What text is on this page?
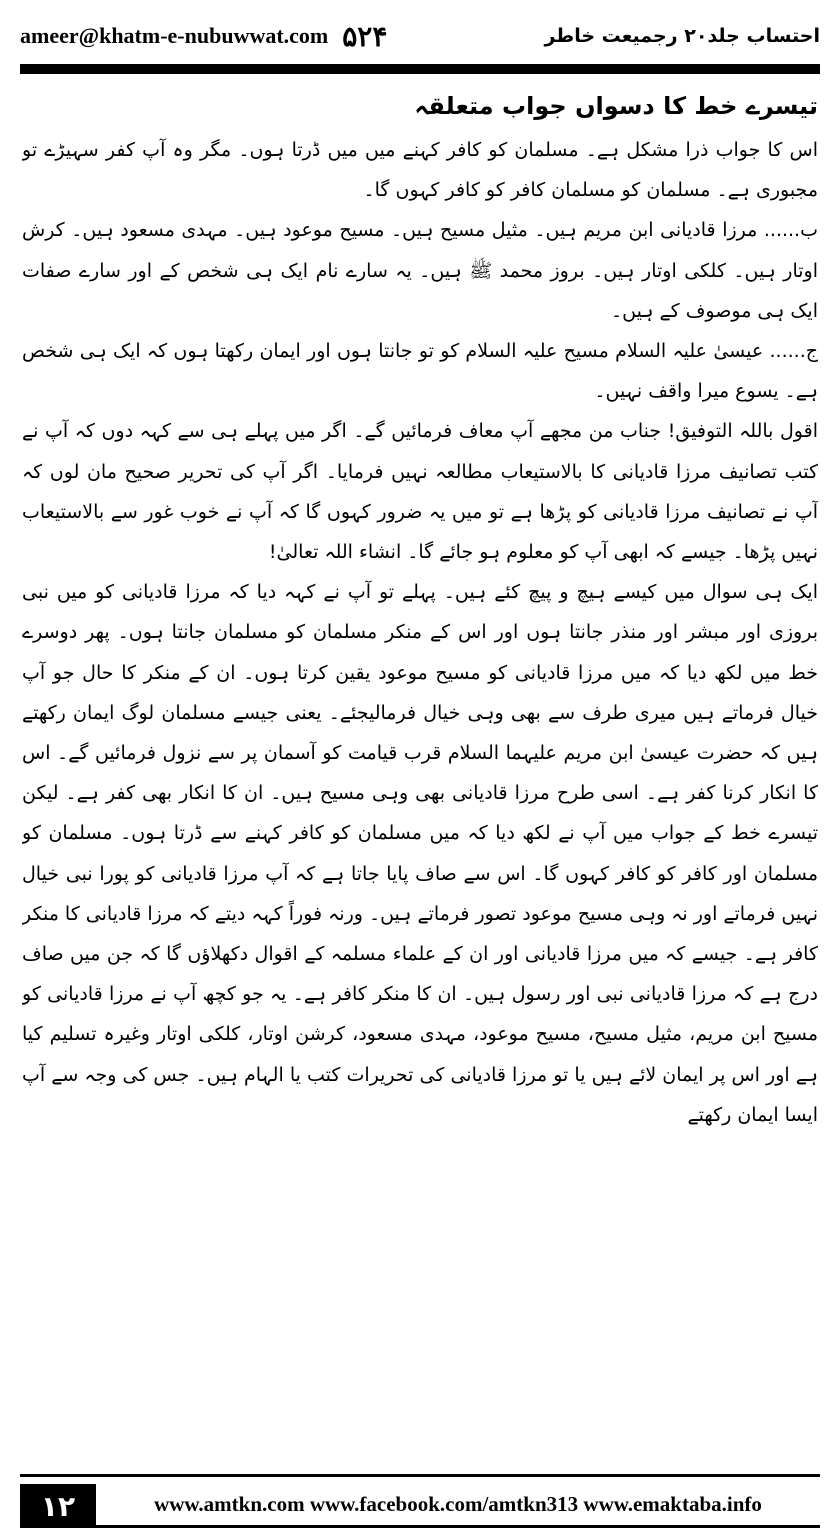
ameer@khatm-e-nubuwwat.com ۵۲۴	احتساب جلد۲۰ رجمیعت خاطر

تیسرے خط کا دسواں جواب متعلقہ

اس کا جواب ذرا مشکل ہے۔ مسلمان کو کافر کہنے میں میں ڈرتا ہوں۔ مگر وہ آپ کفر سہیڑے تو مجبوری ہے۔ مسلمان کو مسلمان کافر کو کافر کہوں گا۔

ب...... مرزا قادیانی ابن مریم ہیں۔ مثیل مسیح ہیں۔ مسیح موعود ہیں۔ مہدی مسعود ہیں۔ کرش اوتار ہیں۔ کلکی اوتار ہیں۔ بروز محمد ﷺ ہیں۔ یہ سارے نام ایک ہی شخص کے اور سارے صفات ایک ہی موصوف کے ہیں۔

ج...... عیسیٰ علیہ السلام مسیح علیہ السلام کو تو جانتا ہوں اور ایمان رکھتا ہوں کہ ایک ہی شخص ہے۔ یسوع میرا واقف نہیں۔

اقول باللہ التوفیق! جناب من مجھے آپ معاف فرمائیں گے۔ اگر میں پہلے ہی سے کہہ دوں کہ آپ نے کتب تصانیف مرزا قادیانی کا بالاستیعاب مطالعہ نہیں فرمایا۔ اگر آپ کی تحریر صحیح مان لوں کہ آپ نے تصانیف مرزا قادیانی کو پڑھا ہے تو میں یہ ضرور کہوں گا کہ آپ نے خوب غور سے بالاستیعاب نہیں پڑھا۔ جیسے کہ ابھی آپ کو معلوم ہو جائے گا۔ انشاء اللہ تعالیٰ!

ایک ہی سوال میں کیسے ہیچ و پیچ کئے ہیں۔ پہلے تو آپ نے کہہ دیا کہ مرزا قادیانی کو میں نبی بروزی اور مبشر اور منذر جانتا ہوں اور اس کے منکر مسلمان کو مسلمان جانتا ہوں۔ پھر دوسرے خط میں لکھ دیا کہ میں مرزا قادیانی کو مسیح موعود یقین کرتا ہوں۔ ان کے منکر کا حال جو آپ خیال فرماتے ہیں میری طرف سے بھی وہی خیال فرمالیجئے۔ یعنی جیسے مسلمان لوگ ایمان رکھتے ہیں کہ حضرت عیسیٰ ابن مریم علیہما السلام قرب قیامت کو آسمان پر سے نزول فرمائیں گے۔ اس کا انکار کرنا کفر ہے۔ اسی طرح مرزا قادیانی بھی وہی مسیح ہیں۔ ان کا انکار بھی کفر ہے۔ لیکن تیسرے خط کے جواب میں آپ نے لکھ دیا کہ میں مسلمان کو کافر کہنے سے ڈرتا ہوں۔ مسلمان کو مسلمان اور کافر کو کافر کہوں گا۔ اس سے صاف پایا جاتا ہے کہ آپ مرزا قادیانی کو پورا نبی خیال نہیں فرماتے اور نہ وہی مسیح موعود تصور فرماتے ہیں۔ ورنہ فوراً کہہ دیتے کہ مرزا قادیانی کا منکر کافر ہے۔ جیسے کہ میں مرزا قادیانی اور ان کے علماء مسلمہ کے اقوال دکھلاؤں گا کہ جن میں صاف درج ہے کہ مرزا قادیانی نبی اور رسول ہیں۔ ان کا منکر کافر ہے۔ یہ جو کچھ آپ نے مرزا قادیانی کو مسیح ابن مریم، مثیل مسیح، مسیح موعود، مہدی مسعود، کرشن اوتار، کلکی اوتار وغیرہ تسلیم کیا ہے اور اس پر ایمان لائے ہیں یا تو مرزا قادیانی کی تحریرات کتب یا الہام ہیں۔ جس کی وجہ سے آپ ایسا ایمان رکھتے

۱۲	www.amtkn.com www.facebook.com/amtkn313 www.emaktaba.info
